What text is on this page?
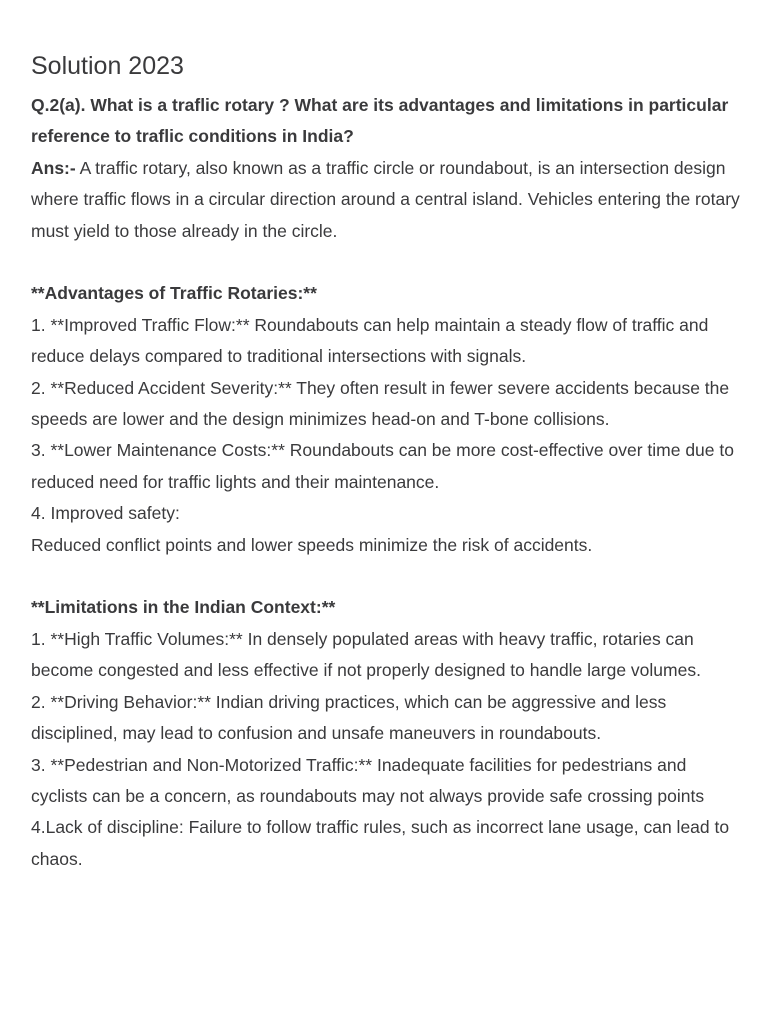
Solution 2023

Q.2(a). What is a traflic rotary ? What are its advantages and limitations in particular reference to traflic conditions in India?

Ans:- A traffic rotary, also known as a traffic circle or roundabout, is an intersection design where traffic flows in a circular direction around a central island. Vehicles entering the rotary must yield to those already in the circle.

**Advantages of Traffic Rotaries:**

1. **Improved Traffic Flow:** Roundabouts can help maintain a steady flow of traffic and reduce delays compared to traditional intersections with signals.

2. **Reduced Accident Severity:** They often result in fewer severe accidents because the speeds are lower and the design minimizes head-on and T-bone collisions.

3. **Lower Maintenance Costs:** Roundabouts can be more cost-effective over time due to reduced need for traffic lights and their maintenance.

4. Improved safety:

Reduced conflict points and lower speeds minimize the risk of accidents.

**Limitations in the Indian Context:**

1. **High Traffic Volumes:** In densely populated areas with heavy traffic, rotaries can become congested and less effective if not properly designed to handle large volumes.

2. **Driving Behavior:** Indian driving practices, which can be aggressive and less disciplined, may lead to confusion and unsafe maneuvers in roundabouts.

3. **Pedestrian and Non-Motorized Traffic:** Inadequate facilities for pedestrians and cyclists can be a concern, as roundabouts may not always provide safe crossing points

4.Lack of discipline: Failure to follow traffic rules, such as incorrect lane usage, can lead to chaos.
